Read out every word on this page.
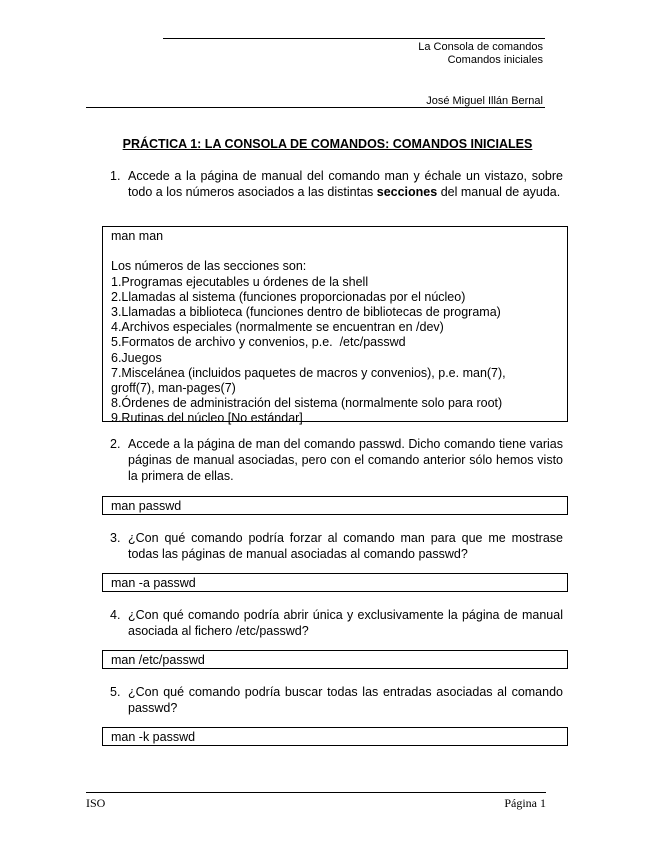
La Consola de comandos
Comandos iniciales
José Miguel Illán Bernal
PRÁCTICA 1: LA CONSOLA DE COMANDOS: COMANDOS INICIALES
1. Accede a la página de manual del comando man y échale un vistazo, sobre todo a los números asociados a las distintas secciones del manual de ayuda.
man man
Los números de las secciones son:
1.Programas ejecutables u órdenes de la shell
2.Llamadas al sistema (funciones proporcionadas por el núcleo)
3.Llamadas a biblioteca (funciones dentro de bibliotecas de programa)
4.Archivos especiales (normalmente se encuentran en /dev)
5.Formatos de archivo y convenios, p.e.  /etc/passwd
6.Juegos
7.Miscelánea (incluidos paquetes de macros y convenios), p.e. man(7),
groff(7), man-pages(7)
8.Órdenes de administración del sistema (normalmente solo para root)
9.Rutinas del núcleo [No estándar]
2. Accede a la página de man del comando passwd. Dicho comando tiene varias páginas de manual asociadas, pero con el comando anterior sólo hemos visto la primera de ellas.
man passwd
3. ¿Con qué comando podría forzar al comando man para que me mostrase todas las páginas de manual asociadas al comando passwd?
man -a passwd
4. ¿Con qué comando podría abrir única y exclusivamente la página de manual asociada al fichero /etc/passwd?
man /etc/passwd
5. ¿Con qué comando podría buscar todas las entradas asociadas al comando passwd?
man -k passwd
ISO	Página 1
